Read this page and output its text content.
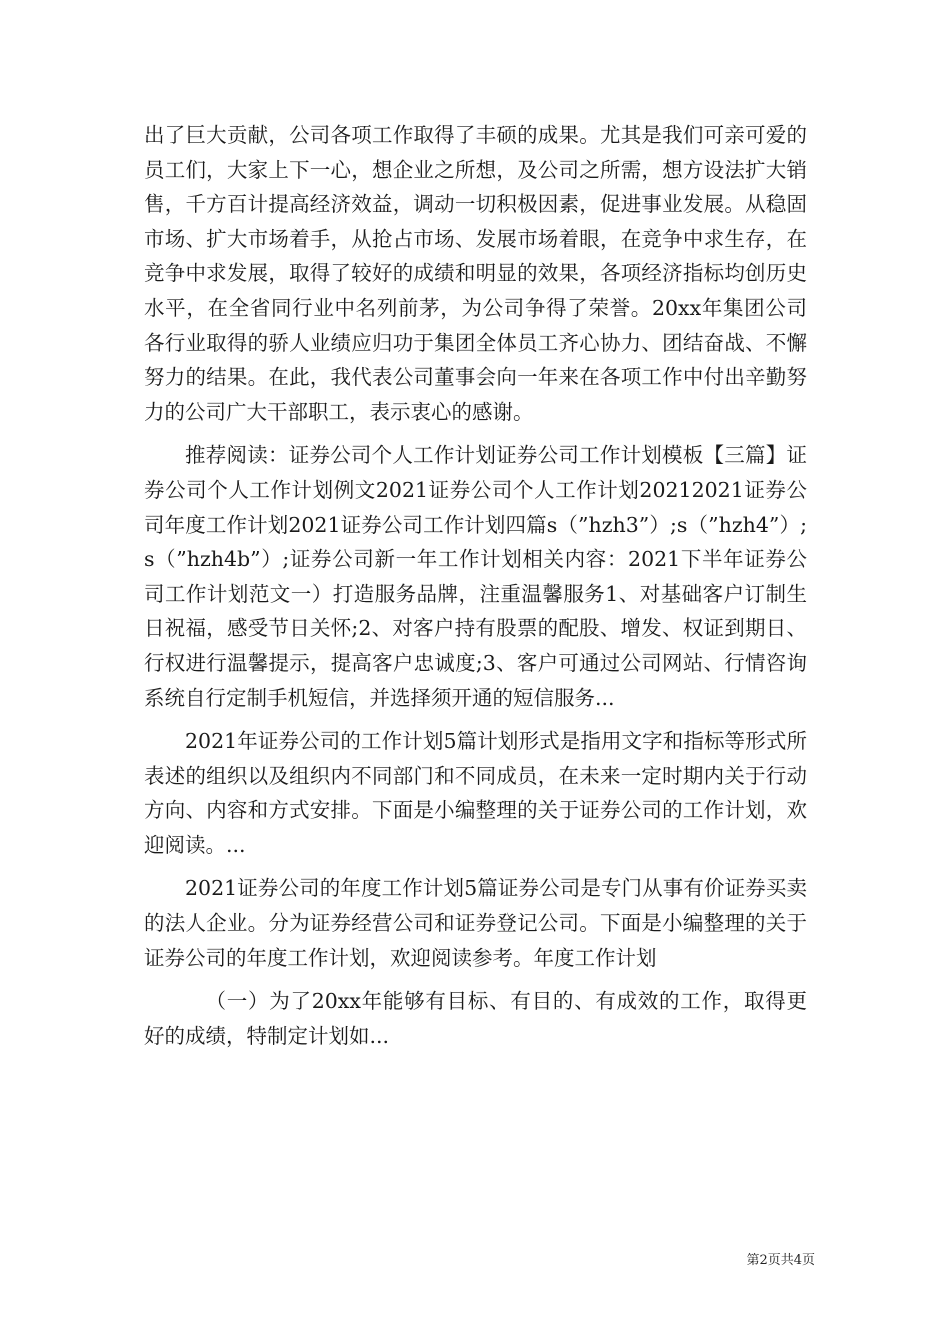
出了巨大贡献，公司各项工作取得了丰硕的成果。尤其是我们可亲可爱的员工们，大家上下一心，想企业之所想，及公司之所需，想方设法扩大销售，千方百计提高经济效益，调动一切积极因素，促进事业发展。从稳固市场、扩大市场着手，从抢占市场、发展市场着眼，在竞争中求生存，在竞争中求发展，取得了较好的成绩和明显的效果，各项经济指标均创历史水平，在全省同行业中名列前茅，为公司争得了荣誉。20xx年集团公司各行业取得的骄人业绩应归功于集团全体员工齐心协力、团结奋战、不懈努力的结果。在此，我代表公司董事会向一年来在各项工作中付出辛勤努力的公司广大干部职工，表示衷心的感谢。

推荐阅读：证券公司个人工作计划证券公司工作计划模板【三篇】证券公司个人工作计划例文2021证券公司个人工作计划20212021证券公司年度工作计划2021证券公司工作计划四篇s（”hzh3”）;s（”hzh4”）;s（”hzh4b”）;证券公司新一年工作计划相关内容：2021下半年证券公司工作计划范文一）打造服务品牌，注重温馨服务1、对基础客户订制生日祝福，感受节日关怀;2、对客户持有股票的配股、增发、权证到期日、行权进行温馨提示，提高客户忠诚度;3、客户可通过公司网站、行情咨询系统自行定制手机短信，并选择须开通的短信服务...

2021年证券公司的工作计划5篇计划形式是指用文字和指标等形式所表述的组织以及组织内不同部门和不同成员，在未来一定时期内关于行动方向、内容和方式安排。下面是小编整理的关于证券公司的工作计划，欢迎阅读。...

2021证券公司的年度工作计划5篇证券公司是专门从事有价证券买卖的法人企业。分为证券经营公司和证券登记公司。下面是小编整理的关于证券公司的年度工作计划，欢迎阅读参考。年度工作计划

（一）为了20xx年能够有目标、有目的、有成效的工作，取得更好的成绩，特制定计划如...

第2页共4页
